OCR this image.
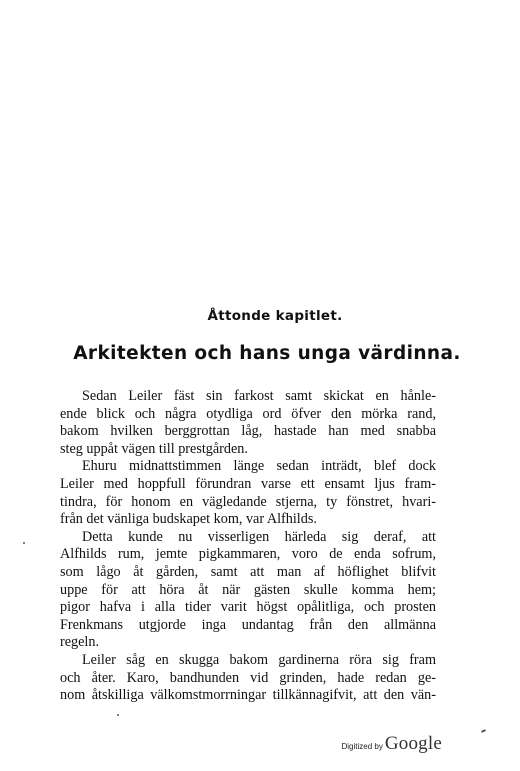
Åttonde kapitlet.
Arkitekten och hans unga värdinna.
Sedan Leiler fäst sin farkost samt skickat en hånle-
ende blick och några otydliga ord öfver den mörka rand,
bakom hvilken berggrottan låg, hastade han med snabba
steg uppåt vägen till prestgården.
Ehuru midnattstimmen länge sedan inträdt, blef dock
Leiler med hoppfull förundran varse ett ensamt ljus fram-
tindra, för honom en vägledande stjerna, ty fönstret, hvari-
från det vänliga budskapet kom, var Alfhilds.
Detta kunde nu visserligen härleda sig deraf, att
Alfhilds rum, jemte pigkammaren, voro de enda sofrum,
som lågo åt gården, samt att man af höflighet blifvit
uppe för att höra åt när gästen skulle komma hem;
pigor hafva i alla tider varit högst opålitliga, och prosten
Frenkmans utgjorde inga undantag från den allmänna
regeln.
Leiler såg en skugga bakom gardinerna röra sig fram
och åter. Karo, bandhunden vid grinden, hade redan ge-
nom åtskilliga välkomstmorrningar tillkännagifvit, att den vän-
Digitized by Google
